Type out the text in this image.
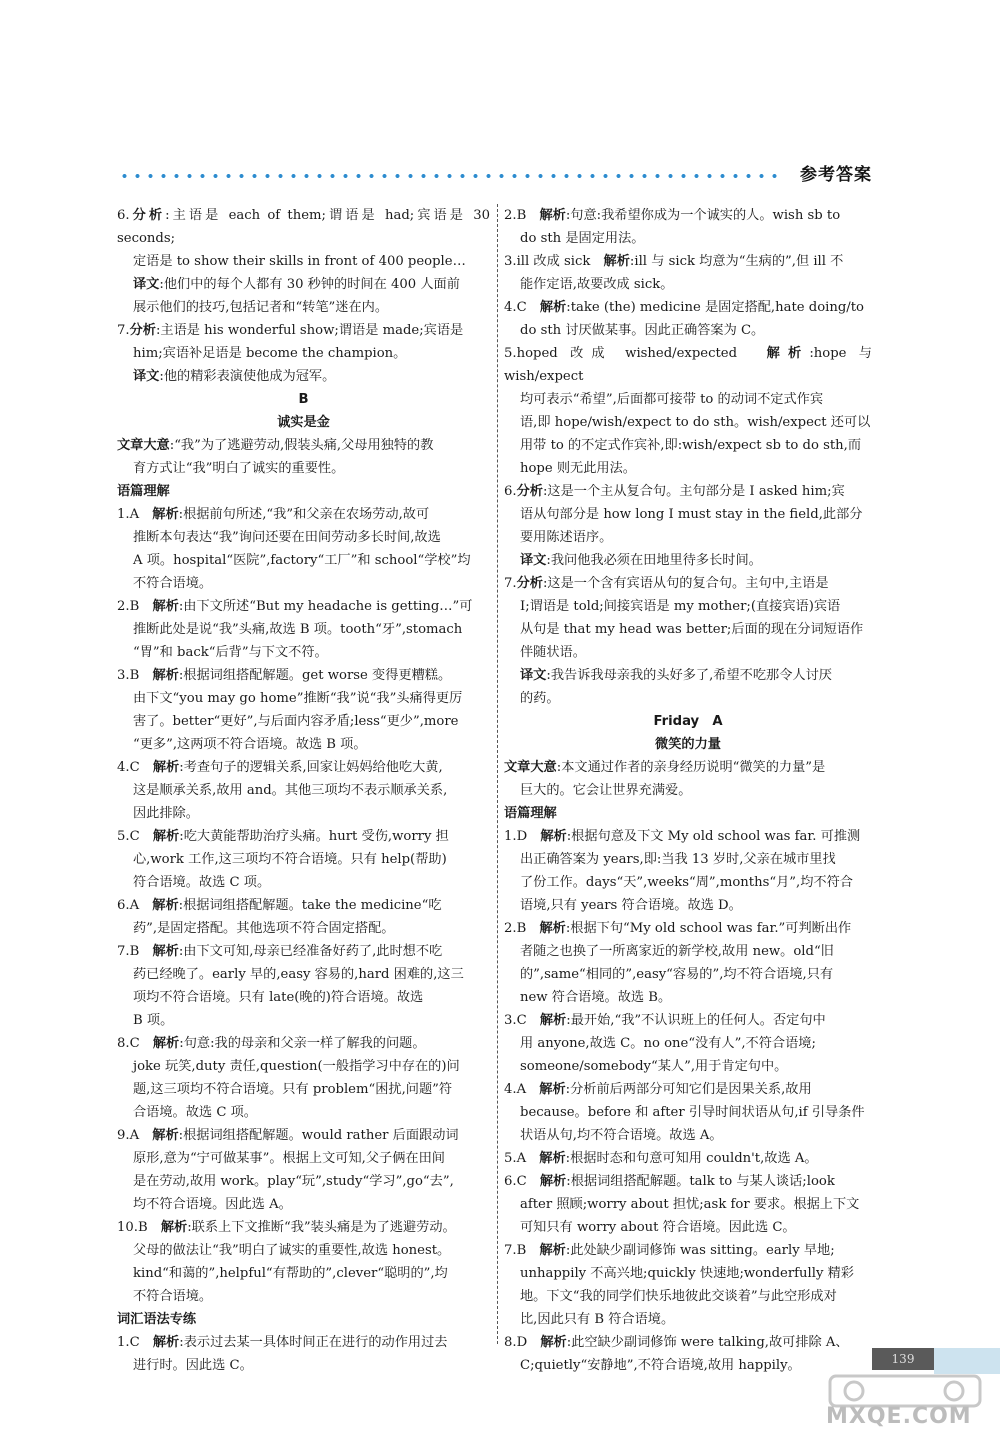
参考答案
6.分析:主语是 each of them;谓语是 had;宾语是 30 seconds;
定语是 to show their skills in front of 400 people…
译文:他们中的每个人都有 30 秒钟的时间在 400 人面前
展示他们的技巧,包括记者和“转笔”迷在内。
7.分析:主语是 his wonderful show;谓语是 made;宾语是
him;宾语补足语是 become the champion。
译文:他的精彩表演使他成为冠军。
B
诚实是金
文章大意:“我”为了逃避劳动,假装头痛,父母用独特的教
育方式让“我”明白了诚实的重要性。
语篇理解
1.A　解析:根据前句所述,“我”和父亲在农场劳动,故可
推断本句表达“我”询问还要在田间劳动多长时间,故选
A 项。hospital“医院”,factory“工厂”和 school“学校”均
不符合语境。
2.B　解析:由下文所述“But my headache is getting…”可
推断此处是说“我”头痛,故选 B 项。tooth“牙”,stomach
“胃”和 back“后背”与下文不符。
3.B　解析:根据词组搭配解题。get worse 变得更糟糕。
由下文“you may go home”推断“我”说“我”头痛得更厉
害了。better“更好”,与后面内容矛盾;less“更少”,more
“更多”,这两项不符合语境。故选 B 项。
4.C　解析:考查句子的逻辑关系,回家让妈妈给他吃大黄,
这是顺承关系,故用 and。其他三项均不表示顺承关系,
因此排除。
5.C　解析:吃大黄能帮助治疗头痛。hurt 受伤,worry 担
心,work 工作,这三项均不符合语境。只有 help(帮助)
符合语境。故选 C 项。
6.A　解析:根据词组搭配解题。take the medicine“吃
药”,是固定搭配。其他选项不符合固定搭配。
7.B　解析:由下文可知,母亲已经准备好药了,此时想不吃
药已经晚了。early 早的,easy 容易的,hard 困难的,这三
项均不符合语境。只有 late(晚的)符合语境。故选
B 项。
8.C　解析:句意:我的母亲和父亲一样了解我的问题。
joke 玩笑,duty 责任,question(一般指学习中存在的)问
题,这三项均不符合语境。只有 problem“困扰,问题”符
合语境。故选 C 项。
9.A　解析:根据词组搭配解题。would rather 后面跟动词
原形,意为“宁可做某事”。根据上文可知,父子俩在田间
是在劳动,故用 work。play“玩”,study“学习”,go“去”,
均不符合语境。因此选 A。
10.B　解析:联系上下文推断“我”装头痛是为了逃避劳动。
父母的做法让“我”明白了诚实的重要性,故选 honest。
kind“和蔼的”,helpful“有帮助的”,clever“聪明的”,均
不符合语境。
词汇语法专练
1.C　解析:表示过去某一具体时间正在进行的动作用过去
进行时。因此选 C。
2.B　解析:句意:我希望你成为一个诚实的人。wish sb to
do sth 是固定用法。
3.ill 改成 sick　解析:ill 与 sick 均意为“生病的”,但 ill 不
能作定语,故要改成 sick。
4.C　解析:take (the) medicine 是固定搭配,hate doing/to
do sth 讨厌做某事。因此正确答案为 C。
5.hoped 改成 wished/expected　解析:hope 与 wish/expect
均可表示“希望”,后面都可接带 to 的动词不定式作宾
语,即 hope/wish/expect to do sth。wish/expect 还可以
用带 to 的不定式作宾补,即:wish/expect sb to do sth,而
hope 则无此用法。
6.分析:这是一个主从复合句。主句部分是 I asked him;宾
语从句部分是 how long I must stay in the field,此部分
要用陈述语序。
译文:我问他我必须在田地里待多长时间。
7.分析:这是一个含有宾语从句的复合句。主句中,主语是
I;谓语是 told;间接宾语是 my mother;(直接宾语)宾语
从句是 that my head was better;后面的现在分词短语作
伴随状语。
译文:我告诉我母亲我的头好多了,希望不吃那令人讨厌
的药。
Friday　A
微笑的力量
文章大意:本文通过作者的亲身经历说明“微笑的力量”是
巨大的。它会让世界充满爱。
语篇理解
1.D　解析:根据句意及下文 My old school was far. 可推测
出正确答案为 years,即:当我 13 岁时,父亲在城市里找
了份工作。days“天”,weeks“周”,months“月”,均不符合
语境,只有 years 符合语境。故选 D。
2.B　解析:根据下句“My old school was far.”可判断出作
者随之也换了一所离家近的新学校,故用 new。old“旧
的”,same“相同的”,easy“容易的”,均不符合语境,只有
new 符合语境。故选 B。
3.C　解析:最开始,“我”不认识班上的任何人。否定句中
用 anyone,故选 C。no one“没有人”,不符合语境;
someone/somebody“某人”,用于肯定句中。
4.A　解析:分析前后两部分可知它们是因果关系,故用
because。before 和 after 引导时间状语从句,if 引导条件
状语从句,均不符合语境。故选 A。
5.A　解析:根据时态和句意可知用 couldn't,故选 A。
6.C　解析:根据词组搭配解题。talk to 与某人谈话;look
after 照顾;worry about 担忧;ask for 要求。根据上下文
可知只有 worry about 符合语境。因此选 C。
7.B　解析:此处缺少副词修饰 was sitting。early 早地;
unhappily 不高兴地;quickly 快速地;wonderfully 精彩
地。下文“我的同学们快乐地彼此交谈着”与此空形成对
比,因此只有 B 符合语境。
8.D　解析:此空缺少副词修饰 were talking,故可排除 A、
C;quietly“安静地”,不符合语境,故用 happily。	139
MXQE.COM
